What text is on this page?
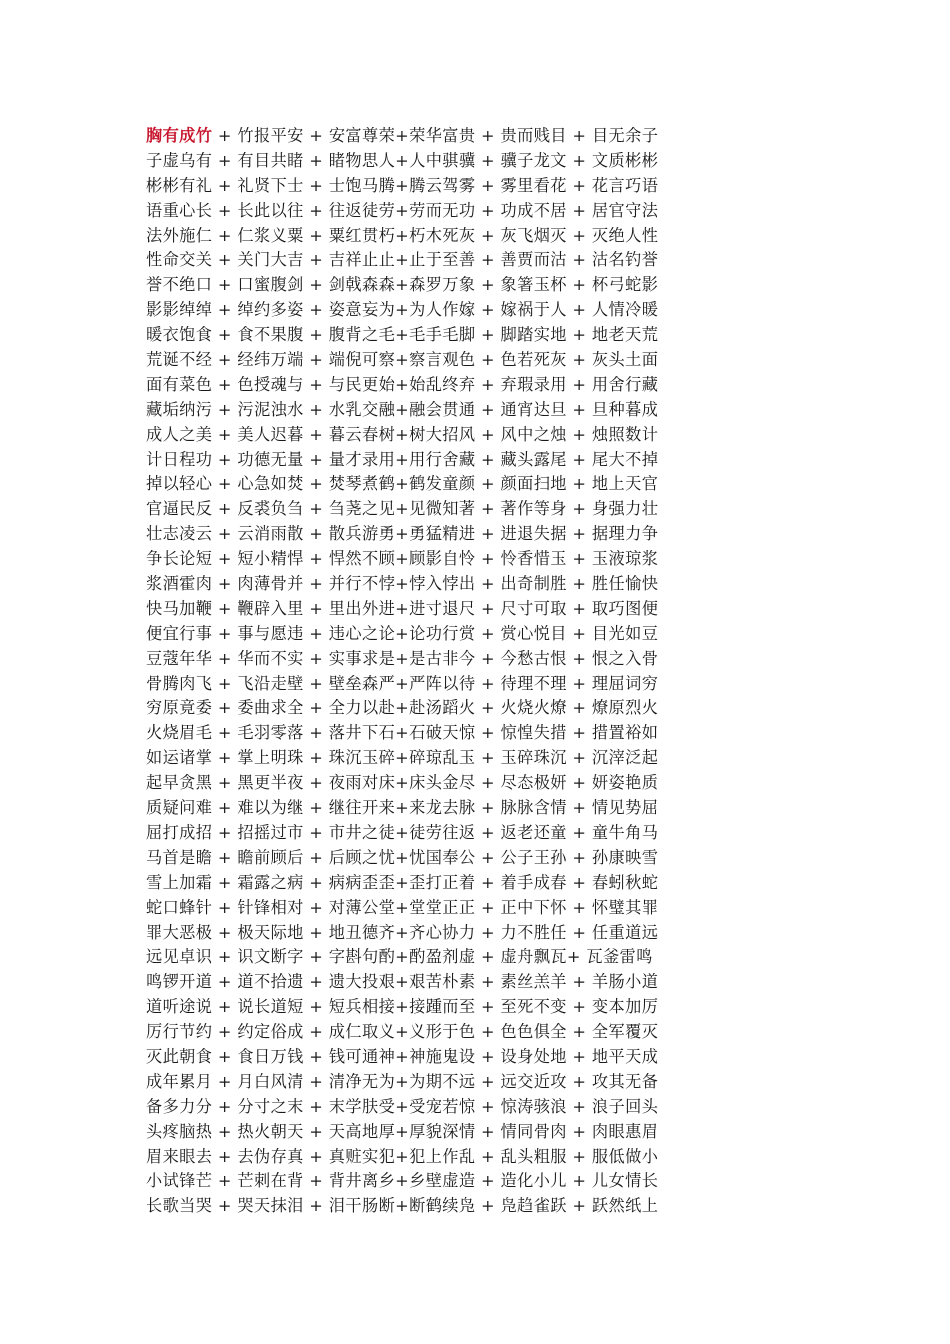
胸有成竹 + 竹报平安 + 安富尊荣+荣华富贵 + 贵而贱目 + 目无余子
子虚乌有 + 有目共睹 + 睹物思人+人中骐骥 + 骥子龙文 + 文质彬彬
彬彬有礼 + 礼贤下士 + 士饱马腾+腾云驾雾 + 雾里看花 + 花言巧语
语重心长 + 长此以往 + 往返徒劳+劳而无功 + 功成不居 + 居官守法
法外施仁 + 仁浆义粟 + 粟红贯朽+朽木死灰 + 灰飞烟灭 + 灭绝人性
性命交关 + 关门大吉 + 吉祥止止+止于至善 + 善贾而沽 + 沽名钓誉
誉不绝口 + 口蜜腹剑 + 剑戟森森+森罗万象 + 象箸玉杯 + 杯弓蛇影
影影绰绰 + 绰约多姿 + 姿意妄为+为人作嫁 + 嫁祸于人 + 人情冷暖
暖衣饱食 + 食不果腹 + 腹背之毛+毛手毛脚 + 脚踏实地 + 地老天荒
荒诞不经 + 经纬万端 + 端倪可察+察言观色 + 色若死灰 + 灰头土面
面有菜色 + 色授魂与 + 与民更始+始乱终弃 + 弃瑕录用 + 用舍行藏
藏垢纳污 + 污泥浊水 + 水乳交融+融会贯通 + 通宵达旦 + 旦种暮成
成人之美 + 美人迟暮 + 暮云春树+树大招风 + 风中之烛 + 烛照数计
计日程功 + 功德无量 + 量才录用+用行舍藏 + 藏头露尾 + 尾大不掉
掉以轻心 + 心急如焚 + 焚琴煮鹤+鹤发童颜 + 颜面扫地 + 地上天官
官逼民反 + 反裘负刍 + 刍荛之见+见微知著 + 著作等身 + 身强力壮
壮志凌云 + 云消雨散 + 散兵游勇+勇猛精进 + 进退失据 + 据理力争
争长论短 + 短小精悍 + 悍然不顾+顾影自怜 + 怜香惜玉 + 玉液琼浆
浆酒霍肉 + 肉薄骨并 + 并行不悖+悖入悖出 + 出奇制胜 + 胜任愉快
快马加鞭 + 鞭辟入里 + 里出外进+进寸退尺 + 尺寸可取 + 取巧图便
便宜行事 + 事与愿违 + 违心之论+论功行赏 + 赏心悦目 + 目光如豆
豆蔻年华 + 华而不实 + 实事求是+是古非今 + 今愁古恨 + 恨之入骨
骨腾肉飞 + 飞沿走壁 + 壁垒森严+严阵以待 + 待理不理 + 理屈词穷
穷原竟委 + 委曲求全 + 全力以赴+赴汤蹈火 + 火烧火燎 + 燎原烈火
火烧眉毛 + 毛羽零落 + 落井下石+石破天惊 + 惊惶失措 + 措置裕如
如运诸掌 + 掌上明珠 + 珠沉玉碎+碎琼乱玉 + 玉碎珠沉 + 沉滓泛起
起早贪黑 + 黑更半夜 + 夜雨对床+床头金尽 + 尽态极妍 + 妍姿艳质
质疑问难 + 难以为继 + 继往开来+来龙去脉 + 脉脉含情 + 情见势屈
屈打成招 + 招摇过市 + 市井之徒+徒劳往返 + 返老还童 + 童牛角马
马首是瞻 + 瞻前顾后 + 后顾之忧+忧国奉公 + 公子王孙 + 孙康映雪
雪上加霜 + 霜露之病 + 病病歪歪+歪打正着 + 着手成春 + 春蚓秋蛇
蛇口蜂针 + 针锋相对 + 对薄公堂+堂堂正正 + 正中下怀 + 怀璧其罪
罪大恶极 + 极天际地 + 地丑德齐+齐心协力 + 力不胜任 + 任重道远
远见卓识 + 识文断字 + 字斟句酌+酌盈剂虚 + 虚舟飘瓦+ 瓦釜雷鸣
鸣锣开道 + 道不拾遗 + 遗大投艰+艰苦朴素 + 素丝羔羊 + 羊肠小道
道听途说 + 说长道短 + 短兵相接+接踵而至 + 至死不变 + 变本加厉
厉行节约 + 约定俗成 + 成仁取义+义形于色 + 色色俱全 + 全军覆灭
灭此朝食 + 食日万钱 + 钱可通神+神施鬼设 + 设身处地 + 地平天成
成年累月 + 月白风清 + 清净无为+为期不远 + 远交近攻 + 攻其无备
备多力分 + 分寸之末 + 末学肤受+受宠若惊 + 惊涛骇浪 + 浪子回头
头疼脑热 + 热火朝天 + 天高地厚+厚貌深情 + 情同骨肉 + 肉眼惠眉
眉来眼去 + 去伪存真 + 真赃实犯+犯上作乱 + 乱头粗服 + 服低做小
小试锋芒 + 芒刺在背 + 背井离乡+乡壁虚造 + 造化小儿 + 儿女情长
长歌当哭 + 哭天抹泪 + 泪干肠断+断鹤续凫 + 凫趋雀跃 + 跃然纸上
